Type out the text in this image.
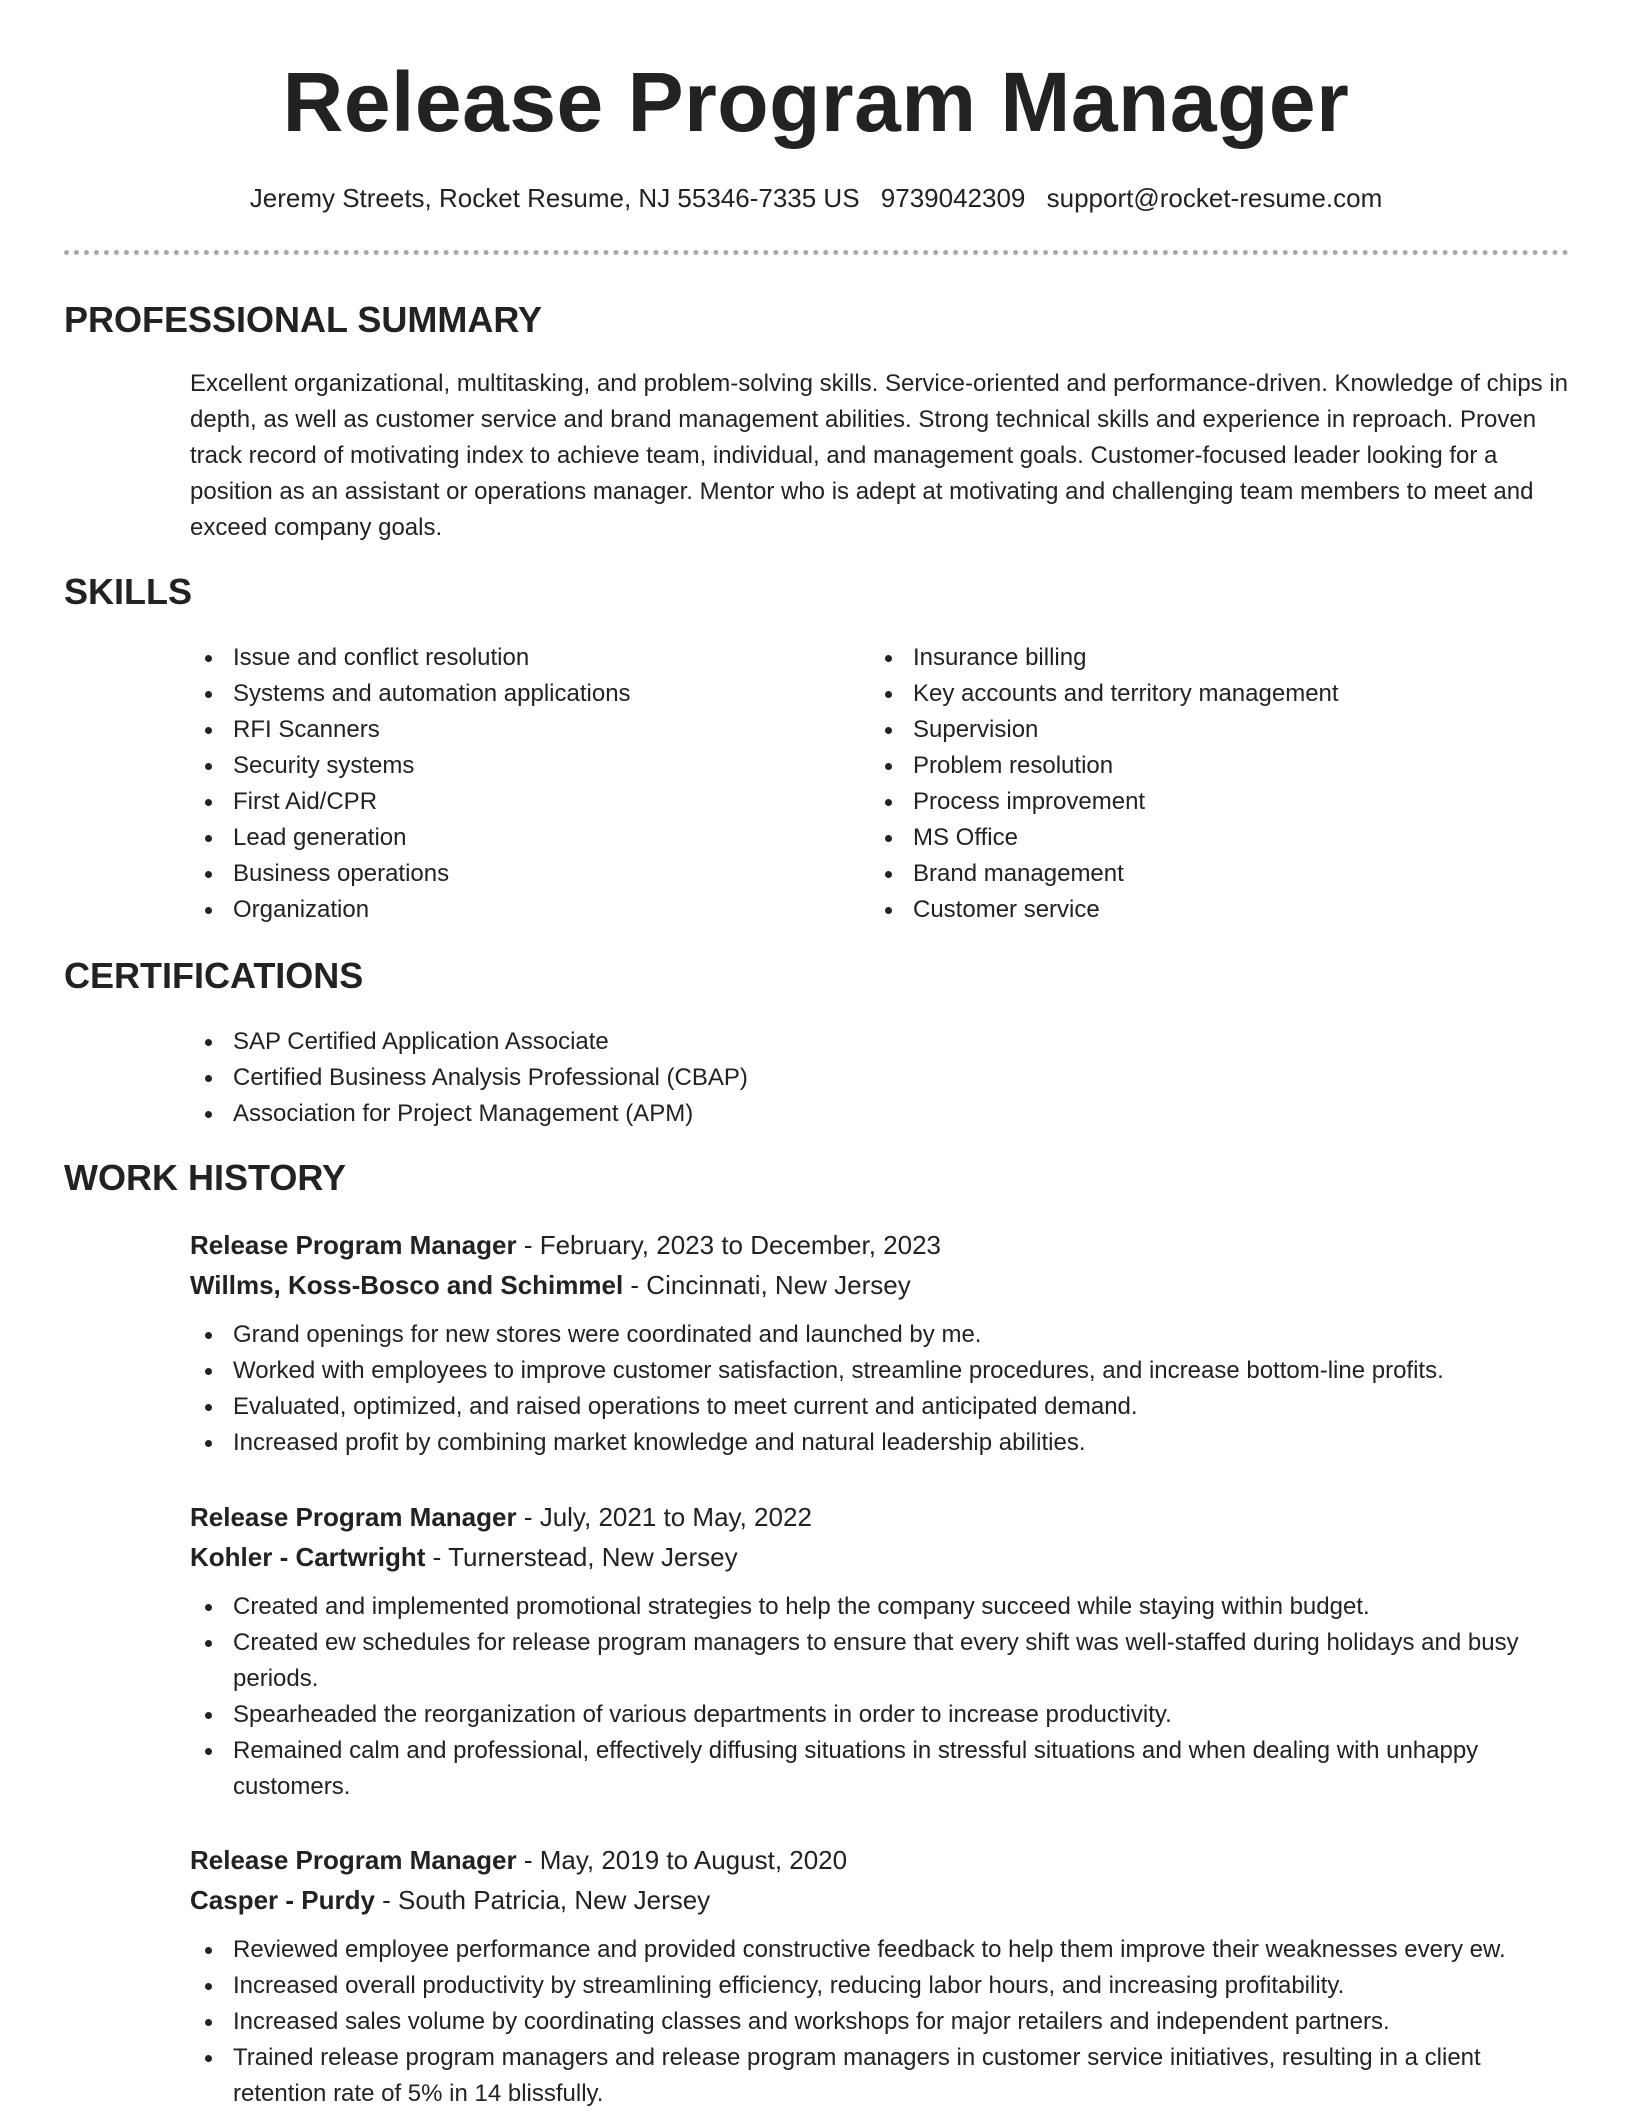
Release Program Manager
Jeremy Streets, Rocket Resume, NJ 55346-7335 US 9739042309 support@rocket-resume.com
PROFESSIONAL SUMMARY

Excellent organizational, multitasking, and problem-solving skills. Service-oriented and performance-driven. Knowledge of chips in depth, as well as customer service and brand management abilities. Strong technical skills and experience in reproach. Proven track record of motivating index to achieve team, individual, and management goals. Customer-focused leader looking for a position as an assistant or operations manager. Mentor who is adept at motivating and challenging team members to meet and exceed company goals.

SKILLS
Issue and conflict resolution
Systems and automation applications
RFI Scanners
Security systems
First Aid/CPR
Lead generation
Business operations
Organization
Insurance billing
Key accounts and territory management
Supervision
Problem resolution
Process improvement
MS Office
Brand management
Customer service
CERTIFICATIONS
SAP Certified Application Associate
Certified Business Analysis Professional (CBAP)
Association for Project Management (APM)
WORK HISTORY
Release Program Manager - February, 2023 to December, 2023
Willms, Koss-Bosco and Schimmel - Cincinnati, New Jersey
Grand openings for new stores were coordinated and launched by me.
Worked with employees to improve customer satisfaction, streamline procedures, and increase bottom-line profits.
Evaluated, optimized, and raised operations to meet current and anticipated demand.
Increased profit by combining market knowledge and natural leadership abilities.
Release Program Manager - July, 2021 to May, 2022
Kohler - Cartwright - Turnerstead, New Jersey
Created and implemented promotional strategies to help the company succeed while staying within budget.
Created ew schedules for release program managers to ensure that every shift was well-staffed during holidays and busy periods.
Spearheaded the reorganization of various departments in order to increase productivity.
Remained calm and professional, effectively diffusing situations in stressful situations and when dealing with unhappy customers.
Release Program Manager - May, 2019 to August, 2020
Casper - Purdy - South Patricia, New Jersey
Reviewed employee performance and provided constructive feedback to help them improve their weaknesses every ew.
Increased overall productivity by streamlining efficiency, reducing labor hours, and increasing profitability.
Increased sales volume by coordinating classes and workshops for major retailers and independent partners.
Trained release program managers and release program managers in customer service initiatives, resulting in a client retention rate of 5% in 14 blissfully.
